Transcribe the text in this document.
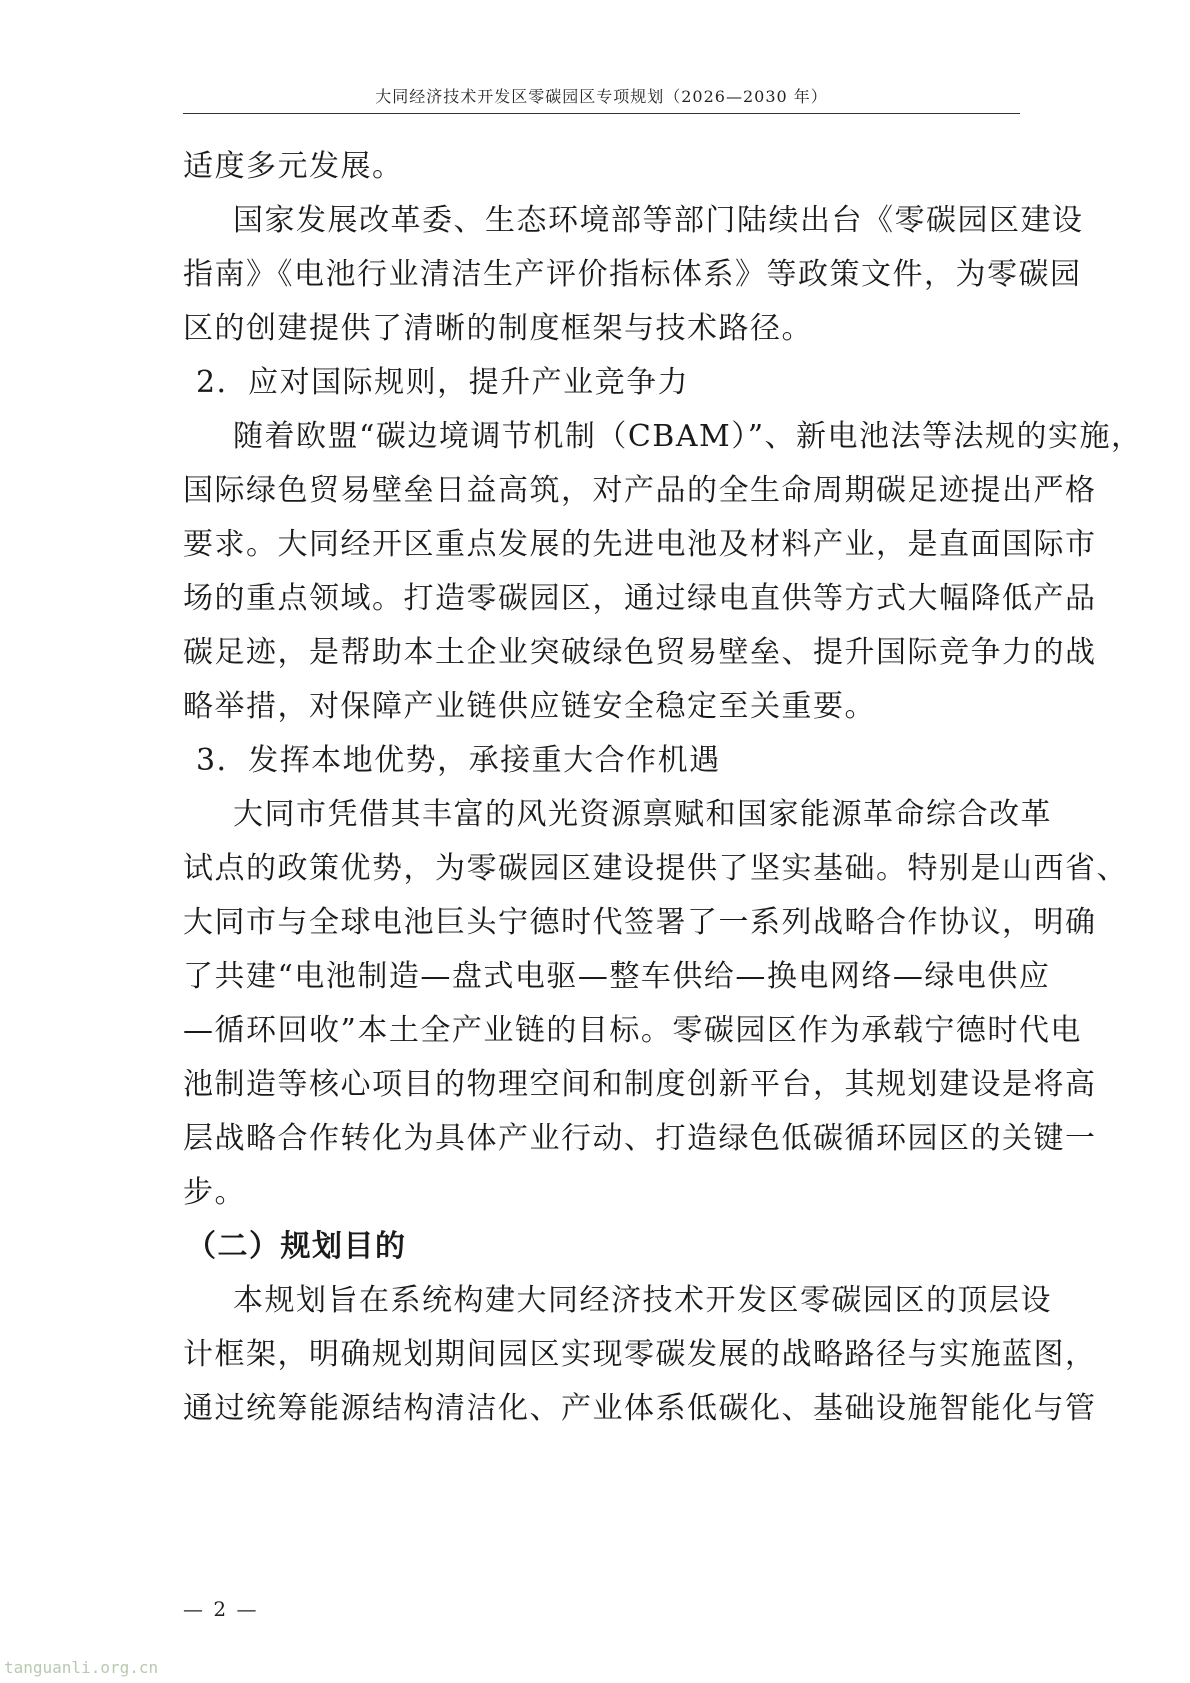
大同经济技术开发区零碳园区专项规划（2026—2030 年）
适度多元发展。
国家发展改革委、生态环境部等部门陆续出台《零碳园区建设
指南》《电池行业清洁生产评价指标体系》等政策文件，为零碳园
区的创建提供了清晰的制度框架与技术路径。
2．应对国际规则，提升产业竞争力
随着欧盟“碳边境调节机制（CBAM）”、新电池法等法规的实施，
国际绿色贸易壁垒日益高筑，对产品的全生命周期碳足迹提出严格
要求。大同经开区重点发展的先进电池及材料产业，是直面国际市
场的重点领域。打造零碳园区，通过绿电直供等方式大幅降低产品
碳足迹，是帮助本土企业突破绿色贸易壁垒、提升国际竞争力的战
略举措，对保障产业链供应链安全稳定至关重要。
3．发挥本地优势，承接重大合作机遇
大同市凭借其丰富的风光资源禀赋和国家能源革命综合改革
试点的政策优势，为零碳园区建设提供了坚实基础。特别是山西省、
大同市与全球电池巨头宁德时代签署了一系列战略合作协议，明确
了共建“电池制造—盘式电驱—整车供给—换电网络—绿电供应
—循环回收”本土全产业链的目标。零碳园区作为承载宁德时代电
池制造等核心项目的物理空间和制度创新平台，其规划建设是将高
层战略合作转化为具体产业行动、打造绿色低碳循环园区的关键一
步。
（二）规划目的
本规划旨在系统构建大同经济技术开发区零碳园区的顶层设
计框架，明确规划期间园区实现零碳发展的战略路径与实施蓝图，
通过统筹能源结构清洁化、产业体系低碳化、基础设施智能化与管
— 2 —
tanguanli.org.cn
